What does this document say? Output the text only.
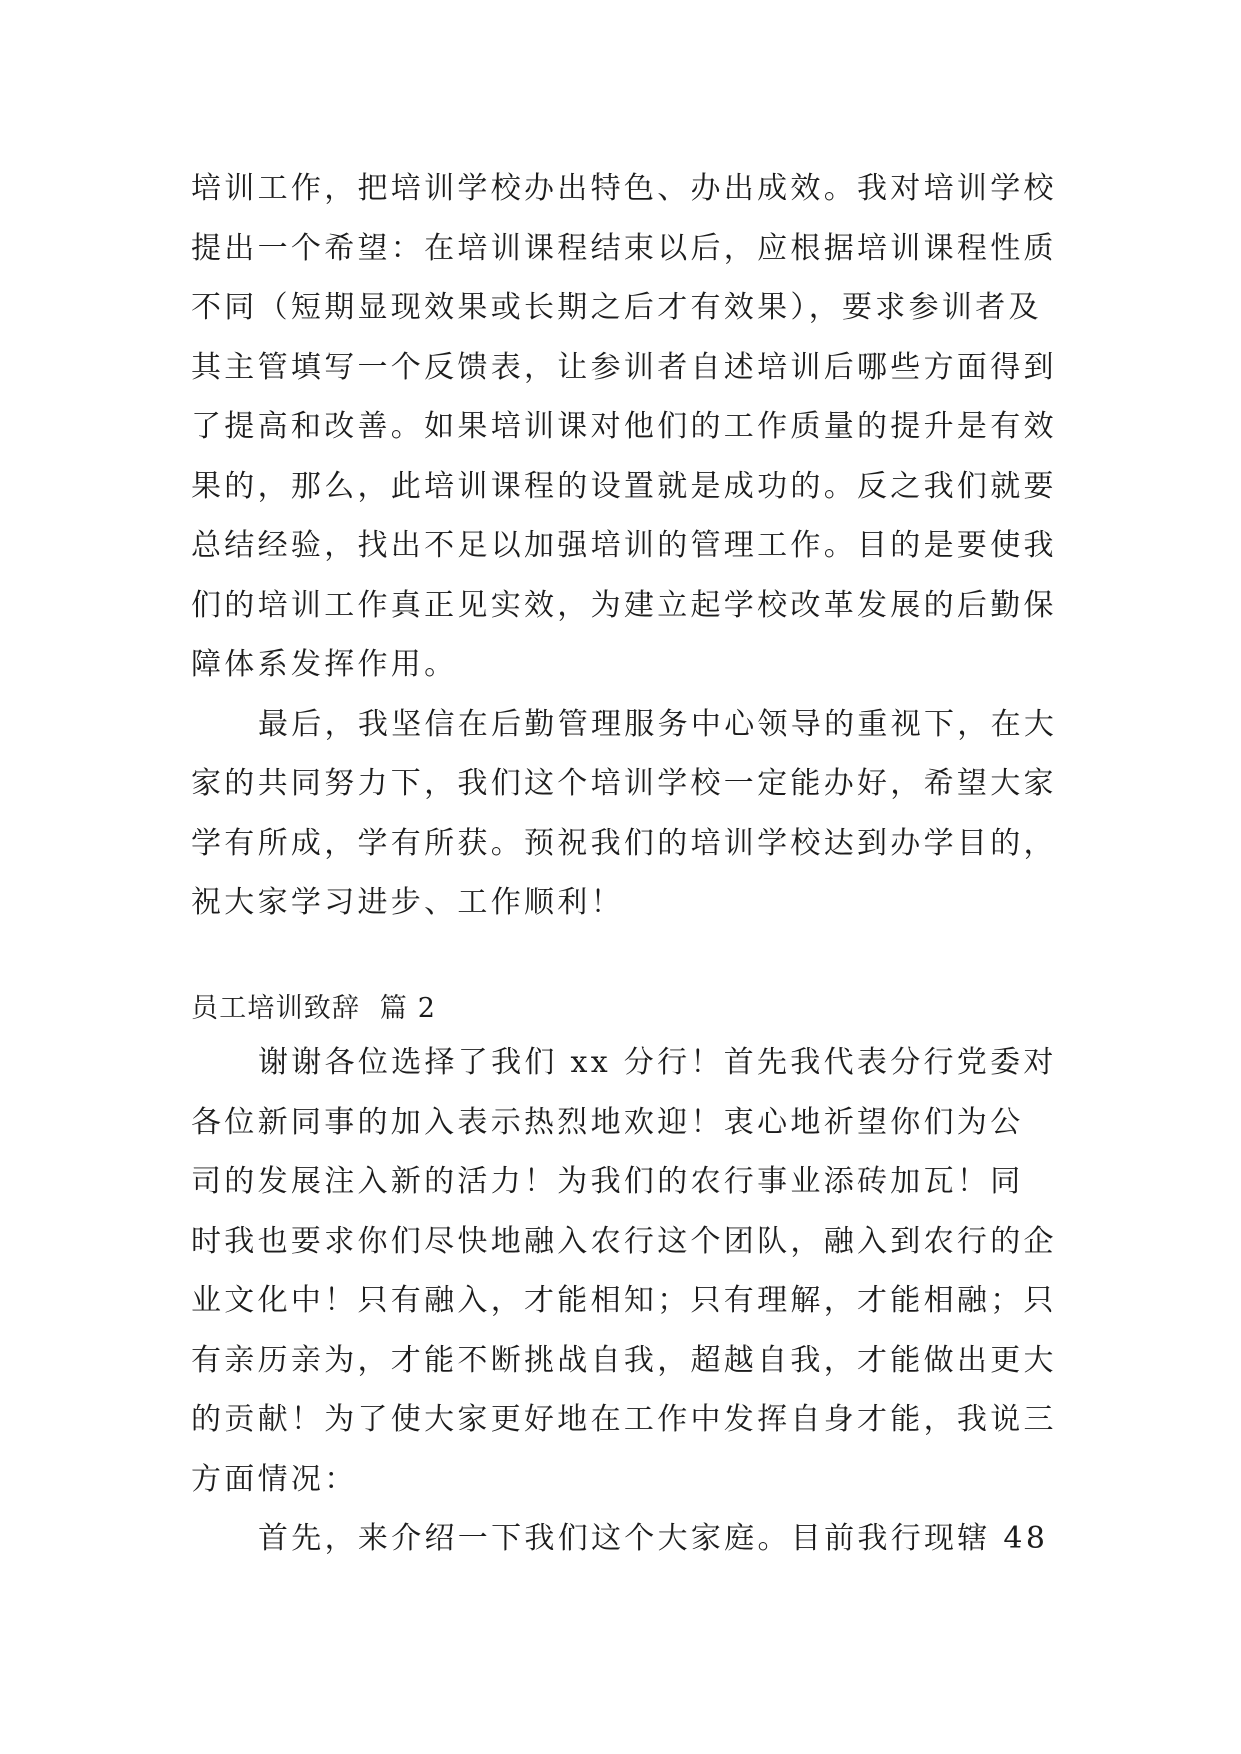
培训工作，把培训学校办出特色、办出成效。我对培训学校
提出一个希望：在培训课程结束以后，应根据培训课程性质
不同（短期显现效果或长期之后才有效果），要求参训者及
其主管填写一个反馈表，让参训者自述培训后哪些方面得到
了提高和改善。如果培训课对他们的工作质量的提升是有效
果的，那么，此培训课程的设置就是成功的。反之我们就要
总结经验，找出不足以加强培训的管理工作。目的是要使我
们的培训工作真正见实效，为建立起学校改革发展的后勤保
障体系发挥作用。
最后，我坚信在后勤管理服务中心领导的重视下，在大
家的共同努力下，我们这个培训学校一定能办好，希望大家
学有所成，学有所获。预祝我们的培训学校达到办学目的，
祝大家学习进步、工作顺利！
员工培训致辞  篇 2
谢谢各位选择了我们 xx 分行！首先我代表分行党委对
各位新同事的加入表示热烈地欢迎！衷心地祈望你们为公
司的发展注入新的活力！为我们的农行事业添砖加瓦！同
时我也要求你们尽快地融入农行这个团队，融入到农行的企
业文化中！只有融入，才能相知；只有理解，才能相融；只
有亲历亲为，才能不断挑战自我，超越自我，才能做出更大
的贡献！为了使大家更好地在工作中发挥自身才能，我说三
方面情况：
首先，来介绍一下我们这个大家庭。目前我行现辖 48
